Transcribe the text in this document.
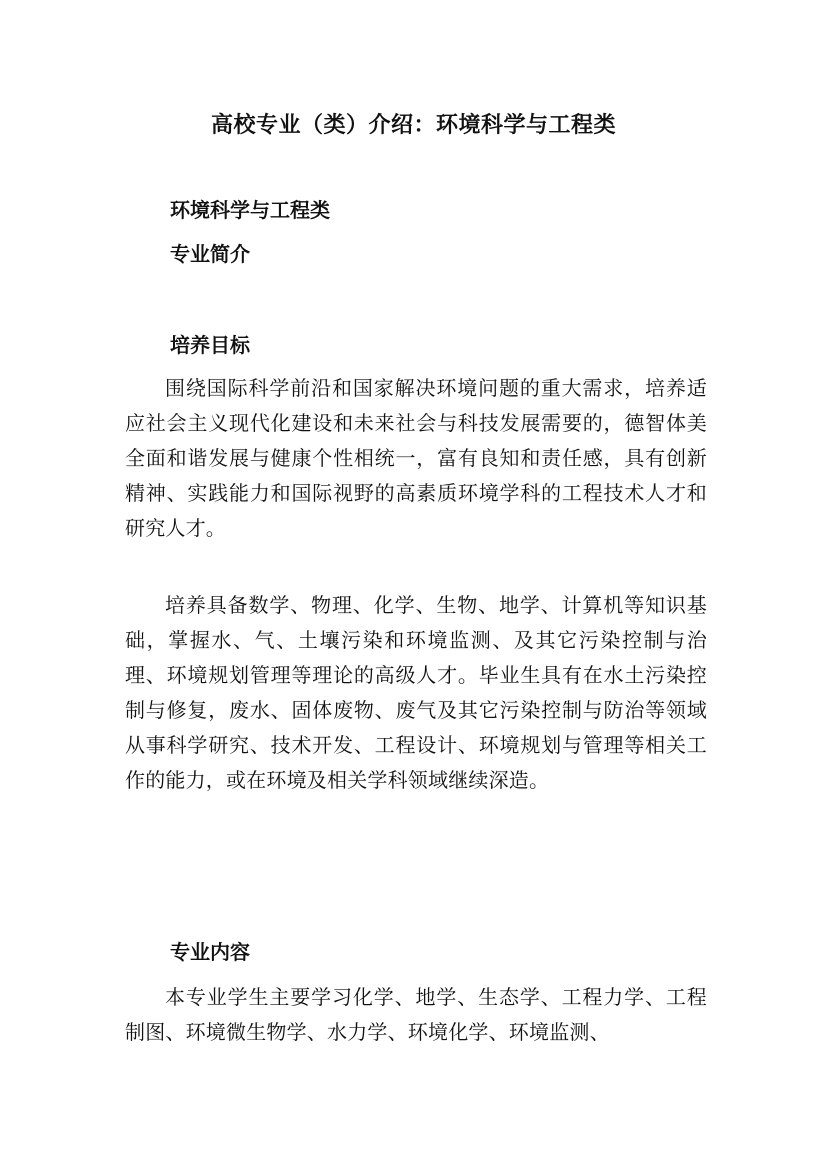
高校专业（类）介绍：环境科学与工程类
环境科学与工程类
专业简介
培养目标

围绕国际科学前沿和国家解决环境问题的重大需求，培养适应社会主义现代化建设和未来社会与科技发展需要的，德智体美全面和谐发展与健康个性相统一，富有良知和责任感，具有创新精神、实践能力和国际视野的高素质环境学科的工程技术人才和研究人才。

培养具备数学、物理、化学、生物、地学、计算机等知识基础，掌握水、气、土壤污染和环境监测、及其它污染控制与治理、环境规划管理等理论的高级人才。毕业生具有在水土污染控制与修复，废水、固体废物、废气及其它污染控制与防治等领域从事科学研究、技术开发、工程设计、环境规划与管理等相关工作的能力，或在环境及相关学科领域继续深造。

专业内容

本专业学生主要学习化学、地学、生态学、工程力学、工程制图、环境微生物学、水力学、环境化学、环境监测、
